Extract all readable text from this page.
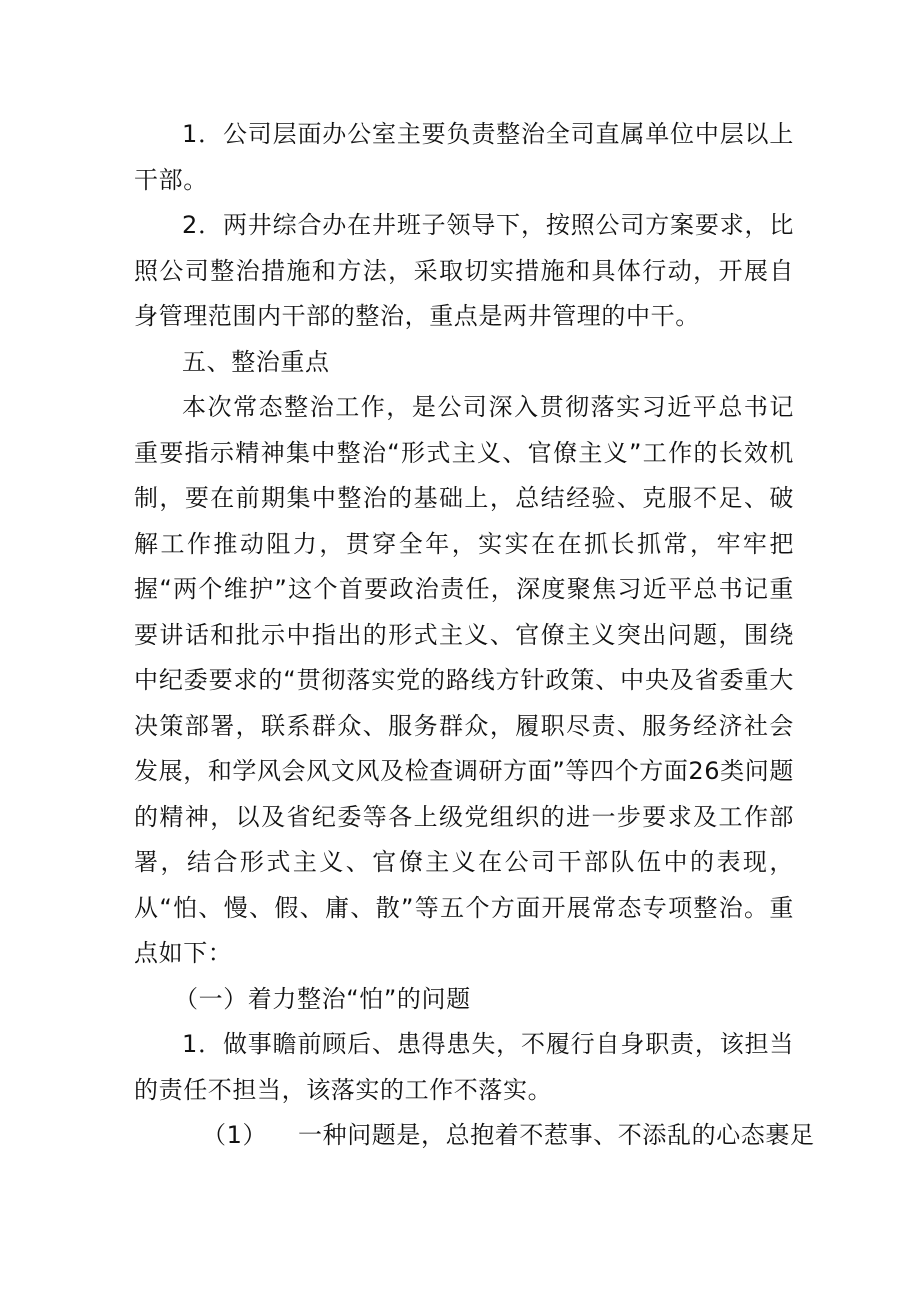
1．公司层面办公室主要负责整治全司直属单位中层以上干部。

2．两井综合办在井班子领导下，按照公司方案要求，比照公司整治措施和方法，采取切实措施和具体行动，开展自身管理范围内干部的整治，重点是两井管理的中干。

五、整治重点

本次常态整治工作，是公司深入贯彻落实习近平总书记重要指示精神集中整治“形式主义、官僚主义”工作的长效机制，要在前期集中整治的基础上，总结经验、克服不足、破解工作推动阻力，贯穿全年，实实在在抓长抓常，牢牢把握“两个维护”这个首要政治责任，深度聚焦习近平总书记重要讲话和批示中指出的形式主义、官僚主义突出问题，围绕中纪委要求的“贯彻落实党的路线方针政策、中央及省委重大决策部署，联系群众、服务群众，履职尽责、服务经济社会发展，和学风会风文风及检查调研方面”等四个方面26类问题的精神，以及省纪委等各上级党组织的进一步要求及工作部署，结合形式主义、官僚主义在公司干部队伍中的表现，从“怕、慢、假、庸、散”等五个方面开展常态专项整治。重点如下：

（一）着力整治“怕”的问题

1．做事瞻前顾后、患得患失，不履行自身职责，该担当的责任不担当，该落实的工作不落实。

（1） 一种问题是，总抱着不惹事、不添乱的心态裹足
